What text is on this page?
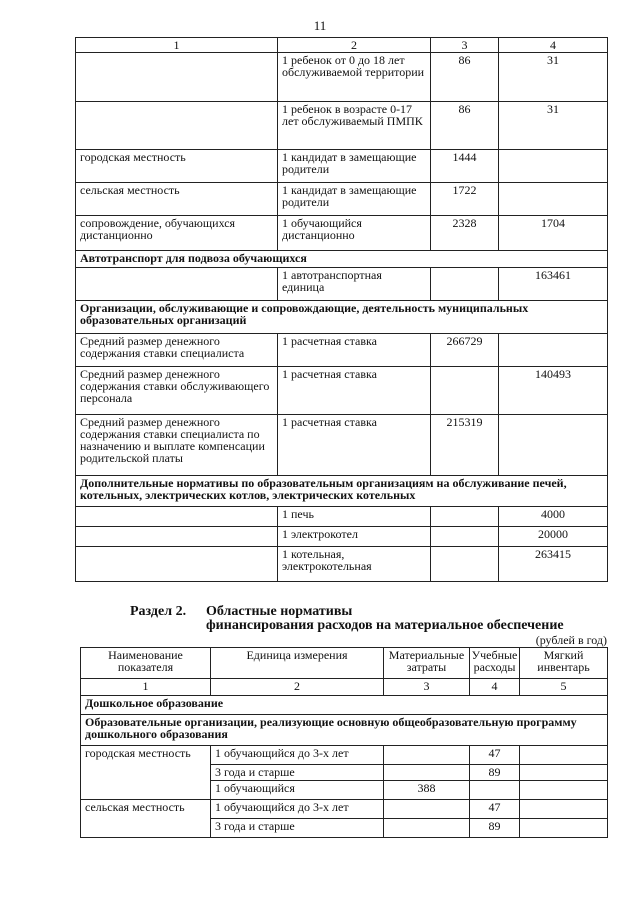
11
1	2	3	4
	1 ребенок от 0 до 18 лет обслуживаемой территории	86	31
	1 ребенок в возрасте 0-17 лет обслуживаемый ПМПК	86	31
городская местность	1 кандидат в замещающие родители	1444	
сельская местность	1 кандидат в замещающие родители	1722	
сопровождение, обучающихся дистанционно	1 обучающийся дистанционно	2328	1704
Автотранспорт для подвоза обучающихся			
	1 автотранспортная единица		163461
Организации, обслуживающие и сопровождающие, деятельность муниципальных образовательных организаций			
Средний размер денежного содержания ставки специалиста	1 расчетная ставка	266729	
Средний размер денежного содержания ставки обслуживающего персонала	1 расчетная ставка		140493
Средний размер денежного содержания ставки специалиста по назначению и выплате компенсации родительской платы	1 расчетная ставка	215319	
Дополнительные нормативы по образовательным организациям на обслуживание печей, котельных, электрических котлов, электрических котельных			
	1 печь		4000
	1 электрокотел		20000
	1 котельная, электрокотельная		263415
Раздел 2. Областные нормативы
финансирования расходов на материальное обеспечение
(рублей в год)
Наименование показателя	Единица измерения	Материальные затраты	Учебные расходы	Мягкий инвентарь
1	2	3	4	5
Дошкольное образование				
Образовательные организации, реализующие основную общеобразовательную программу дошкольного образования				
городская местность	1 обучающийся до 3-х лет		47	
	3 года и старше		89	
	1 обучающийся	388		
сельская местность	1 обучающийся до 3-х лет		47	
	3 года и старше		89	
